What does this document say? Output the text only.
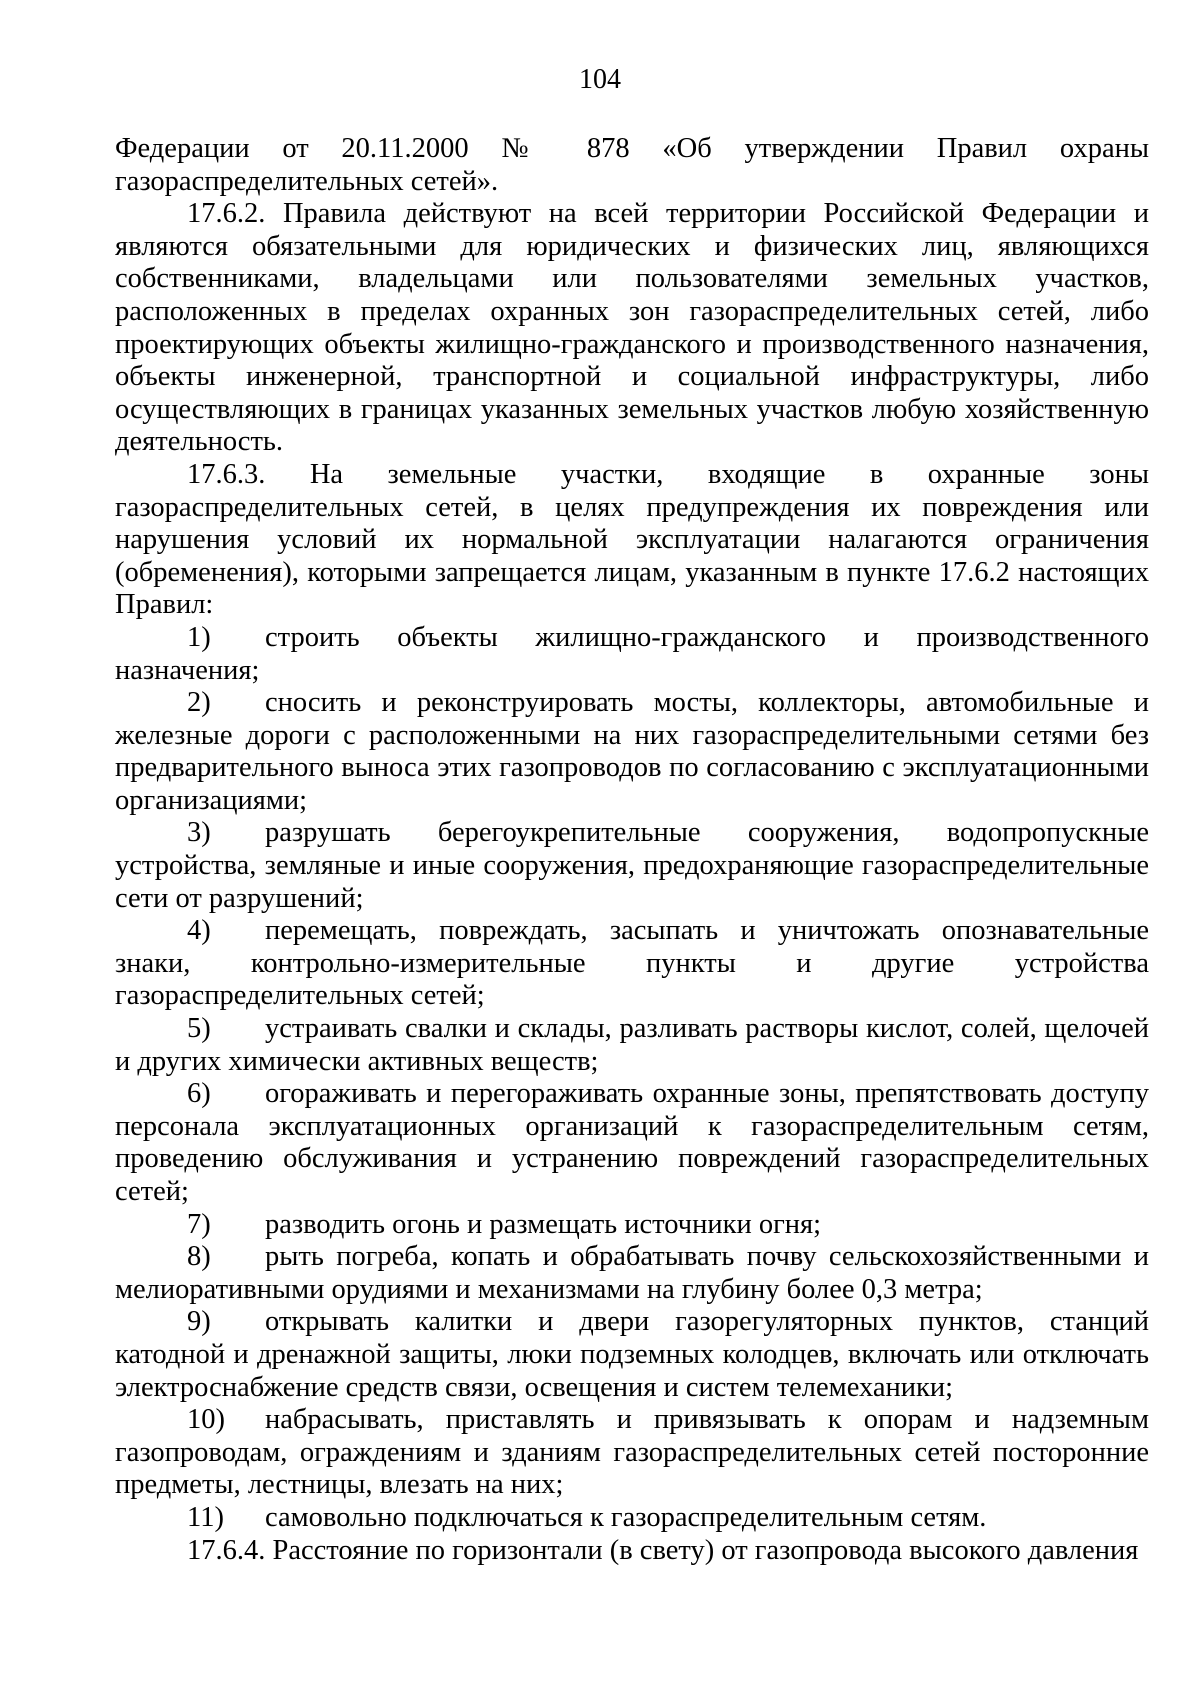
104

Федерации от 20.11.2000 № 878 «Об утверждении Правил охраны газораспределительных сетей».

17.6.2. Правила действуют на всей территории Российской Федерации и являются обязательными для юридических и физических лиц, являющихся собственниками, владельцами или пользователями земельных участков, расположенных в пределах охранных зон газораспределительных сетей, либо проектирующих объекты жилищно-гражданского и производственного назначения, объекты инженерной, транспортной и социальной инфраструктуры, либо осуществляющих в границах указанных земельных участков любую хозяйственную деятельность.

17.6.3. На земельные участки, входящие в охранные зоны газораспределительных сетей, в целях предупреждения их повреждения или нарушения условий их нормальной эксплуатации налагаются ограничения (обременения), которыми запрещается лицам, указанным в пункте 17.6.2 настоящих Правил:

1) строить объекты жилищно-гражданского и производственного назначения;

2) сносить и реконструировать мосты, коллекторы, автомобильные и железные дороги с расположенными на них газораспределительными сетями без предварительного выноса этих газопроводов по согласованию с эксплуатационными организациями;

3) разрушать берегоукрепительные сооружения, водопропускные устройства, земляные и иные сооружения, предохраняющие газораспределительные сети от разрушений;

4) перемещать, повреждать, засыпать и уничтожать опознавательные знаки, контрольно-измерительные пункты и другие устройства газораспределительных сетей;

5) устраивать свалки и склады, разливать растворы кислот, солей, щелочей и других химически активных веществ;

6) огораживать и перегораживать охранные зоны, препятствовать доступу персонала эксплуатационных организаций к газораспределительным сетям, проведению обслуживания и устранению повреждений газораспределительных сетей;

7) разводить огонь и размещать источники огня;

8) рыть погреба, копать и обрабатывать почву сельскохозяйственными и мелиоративными орудиями и механизмами на глубину более 0,3 метра;

9) открывать калитки и двери газорегуляторных пунктов, станций катодной и дренажной защиты, люки подземных колодцев, включать или отключать электроснабжение средств связи, освещения и систем телемеханики;

10) набрасывать, приставлять и привязывать к опорам и надземным газопроводам, ограждениям и зданиям газораспределительных сетей посторонние предметы, лестницы, влезать на них;

11) самовольно подключаться к газораспределительным сетям.

17.6.4. Расстояние по горизонтали (в свету) от газопровода высокого давления
